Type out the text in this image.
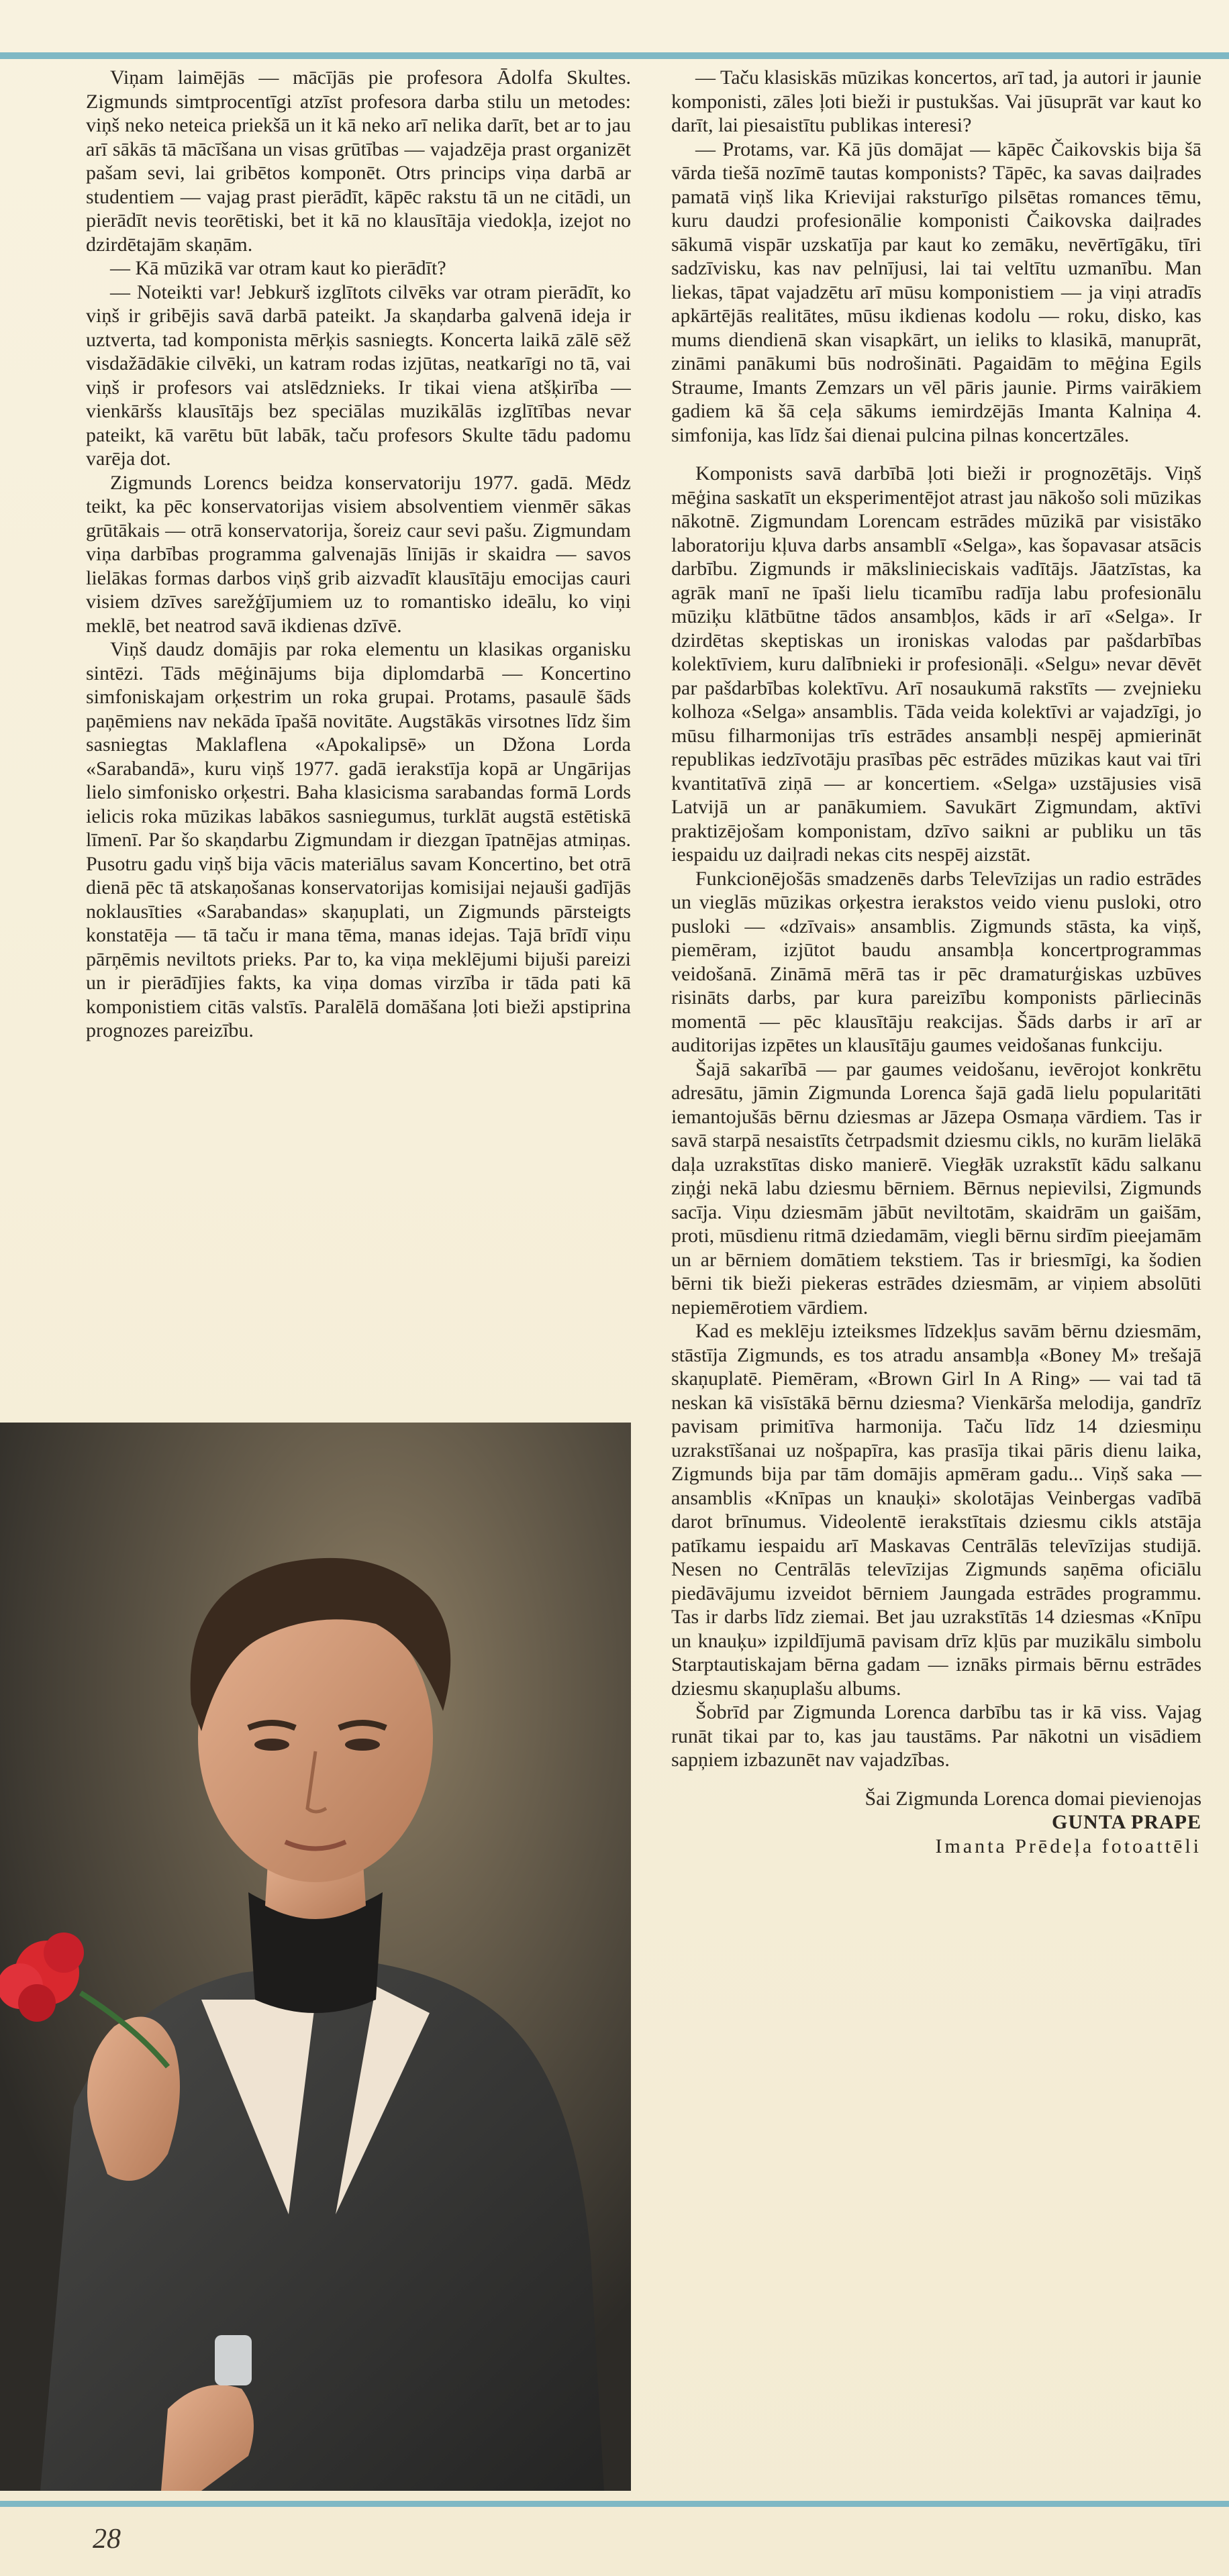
Viņam laimējās — mācījās pie profesora Ādolfa Skultes. Zigmunds simtprocentīgi atzīst profesora darba stilu un metodes: viņš neko neteica priekšā un it kā neko arī nelika darīt, bet ar to jau arī sākās tā mācīšana un visas grūtības — vajadzēja prast organizēt pašam sevi, lai gribētos komponēt. Otrs princips viņa darbā ar studentiem — vajag prast pierādīt, kāpēc rakstu tā un ne citādi, un pierādīt nevis teorētiski, bet it kā no klausītāja viedokļa, izejot no dzirdētajām skaņām.

— Kā mūzikā var otram kaut ko pierādīt?

— Noteikti var! Jebkurš izglītots cilvēks var otram pierādīt, ko viņš ir gribējis savā darbā pateikt. Ja skaņdarba galvenā ideja ir uztverta, tad komponista mērķis sasniegts. Koncerta laikā zālē sēž visdažādākie cilvēki, un katram rodas izjūtas, neatkarīgi no tā, vai viņš ir profesors vai atslēdznieks. Ir tikai viena atšķirība — vienkāršs klausītājs bez speciālas muzikālās izglītības nevar pateikt, kā varētu būt labāk, taču profesors Skulte tādu padomu varēja dot.

Zigmunds Lorencs beidza konservatoriju 1977. gadā. Mēdz teikt, ka pēc konservatorijas visiem absolventiem vienmēr sākas grūtākais — otrā konservatorija, šoreiz caur sevi pašu. Zigmundam viņa darbības programma galvenajās līnijās ir skaidra — savos lielākas formas darbos viņš grib aizvadīt klausītāju emocijas cauri visiem dzīves sarežģījumiem uz to romantisko ideālu, ko viņi meklē, bet neatrod savā ikdienas dzīvē.

Viņš daudz domājis par roka elementu un klasikas organisku sintēzi. Tāds mēģinājums bija diplomdarbā — Koncertino simfoniskajam orķestrim un roka grupai. Protams, pasaulē šāds paņēmiens nav nekāda īpašā novitāte. Augstākās virsotnes līdz šim sasniegtas Maklaflena «Apokalipsē» un Džona Lorda «Sarabandā», kuru viņš 1977. gadā ierakstīja kopā ar Ungārijas lielo simfonisko orķestri. Baha klasicisma sarabandas formā Lords ielicis roka mūzikas labākos sasniegumus, turklāt augstā estētiskā līmenī. Par šo skaņdarbu Zigmundam ir diezgan īpatnējas atmiņas. Pusotru gadu viņš bija vācis materiālus savam Koncertino, bet otrā dienā pēc tā atskaņošanas konservatorijas komisijai nejauši gadījās noklausīties «Sarabandas» skaņuplati, un Zigmunds pārsteigts konstatēja — tā taču ir mana tēma, manas idejas. Tajā brīdī viņu pārņēmis neviltots prieks. Par to, ka viņa meklējumi bijuši pareizi un ir pierādījies fakts, ka viņa domas virzība ir tāda pati kā komponistiem citās valstīs. Paralēlā domāšana ļoti bieži apstiprina prognozes pareizību.

— Taču klasiskās mūzikas koncertos, arī tad, ja autori ir jaunie komponisti, zāles ļoti bieži ir pustukšas. Vai jūsuprāt var kaut ko darīt, lai piesaistītu publikas interesi?

— Protams, var. Kā jūs domājat — kāpēc Čaikovskis bija šā vārda tiešā nozīmē tautas komponists? Tāpēc, ka savas daiļrades pamatā viņš lika Krievijai raksturīgo pilsētas romances tēmu, kuru daudzi profesionālie komponisti Čaikovska daiļrades sākumā vispār uzskatīja par kaut ko zemāku, nevērtīgāku, tīri sadzīvisku, kas nav pelnījusi, lai tai veltītu uzmanību. Man liekas, tāpat vajadzētu arī mūsu komponistiem — ja viņi atradīs apkārtējās realitātes, mūsu ikdienas kodolu — roku, disko, kas mums diendienā skan visapkārt, un ieliks to klasikā, manuprāt, zināmi panākumi būs nodrošināti. Pagaidām to mēģina Egils Straume, Imants Zemzars un vēl pāris jaunie. Pirms vairākiem gadiem kā šā ceļa sākums iemirdzējās Imanta Kalniņa 4. simfonija, kas līdz šai dienai pulcina pilnas koncertzāles.

Komponists savā darbībā ļoti bieži ir prognozētājs. Viņš mēģina saskatīt un eksperimentējot atrast jau nākošo soli mūzikas nākotnē. Zigmundam Lorencam estrādes mūzikā par visistāko laboratoriju kļuva darbs ansamblī «Selga», kas šopavasar atsācis darbību. Zigmunds ir mākslinieciskais vadītājs. Jāatzīstas, ka agrāk manī ne īpaši lielu ticamību radīja labu profesionālu mūziķu klātbūtne tādos ansambļos, kāds ir arī «Selga». Ir dzirdētas skeptiskas un ironiskas valodas par pašdarbības kolektīviem, kuru dalībnieki ir profesionāļi. «Selgu» nevar dēvēt par pašdarbības kolektīvu. Arī nosaukumā rakstīts — zvejnieku kolhoza «Selga» ansamblis. Tāda veida kolektīvi ar vajadzīgi, jo mūsu filharmonijas trīs estrādes ansambļi nespēj apmierināt republikas iedzīvotāju prasības pēc estrādes mūzikas kaut vai tīri kvantitatīvā ziņā — ar koncertiem. «Selga» uzstājusies visā Latvijā un ar panākumiem. Savukārt Zigmundam, aktīvi praktizējošam komponistam, dzīvo saikni ar publiku un tās iespaidu uz daiļradi nekas cits nespēj aizstāt.

Funkcionējošās smadzenēs darbs Televīzijas un radio estrādes un vieglās mūzikas orķestra ierakstos veido vienu pusloki, otro pusloki — «dzīvais» ansamblis. Zigmunds stāsta, ka viņš, piemēram, izjūtot baudu ansambļa koncertprogrammas veidošanā. Zināmā mērā tas ir pēc dramaturģiskas uzbūves risināts darbs, par kura pareizību komponists pārliecinās momentā — pēc klausītāju reakcijas. Šāds darbs ir arī ar auditorijas izpētes un klausītāju gaumes veidošanas funkciju.

Šajā sakarībā — par gaumes veidošanu, ievērojot konkrētu adresātu, jāmin Zigmunda Lorenca šajā gadā lielu popularitāti iemantojušās bērnu dziesmas ar Jāzepa Osmaņa vārdiem. Tas ir savā starpā nesaistīts četrpadsmit dziesmu cikls, no kurām lielākā daļa uzrakstītas disko manierē. Viegłāk uzrakstīt kādu salkanu ziņģi nekā labu dziesmu bērniem. Bērnus nepievilsi, Zigmunds sacīja. Viņu dziesmām jābūt neviltotām, skaidrām un gaišām, proti, mūsdienu ritmā dziedamām, viegli bērnu sirdīm pieejamām un ar bērniem domātiem tekstiem. Tas ir briesmīgi, ka šodien bērni tik bieži piekeras estrādes dziesmām, ar viņiem absolūti nepiemērotiem vārdiem.

Kad es meklēju izteiksmes līdzekļus savām bērnu dziesmām, stāstīja Zigmunds, es tos atradu ansambļa «Boney M» trešajā skaņuplatē. Piemēram, «Brown Girl In A Ring» — vai tad tā neskan kā visīstākā bērnu dziesma? Vienkārša melodija, gandrīz pavisam primitīva harmonija. Taču līdz 14 dziesmiņu uzrakstīšanai uz nošpapīra, kas prasīja tikai pāris dienu laika, Zigmunds bija par tām domājis apmēram gadu... Viņš saka — ansamblis «Knīpas un knauķi» skolotājas Veinbergas vadībā darot brīnumus. Videolentē ierakstītais dziesmu cikls atstāja patīkamu iespaidu arī Maskavas Centrālās televīzijas studijā. Nesen no Centrālās televīzijas Zigmunds saņēma oficiālu piedāvājumu izveidot bērniem Jaungada estrādes programmu. Tas ir darbs līdz ziemai. Bet jau uzrakstītās 14 dziesmas «Knīpu un knauķu» izpildījumā pavisam drīz kļūs par muzikālu simbolu Starptautiskajam bērna gadam — iznāks pirmais bērnu estrādes dziesmu skaņuplašu albums.

Šobrīd par Zigmunda Lorenca darbību tas ir kā viss. Vajag runāt tikai par to, kas jau taustāms. Par nākotni un visādiem sapņiem izbazunēt nav vajadzības.

Šai Zigmunda Lorenca domai pievienojas

GUNTA PRAPE
Imanta Prēdeļa fotoattēli
28
